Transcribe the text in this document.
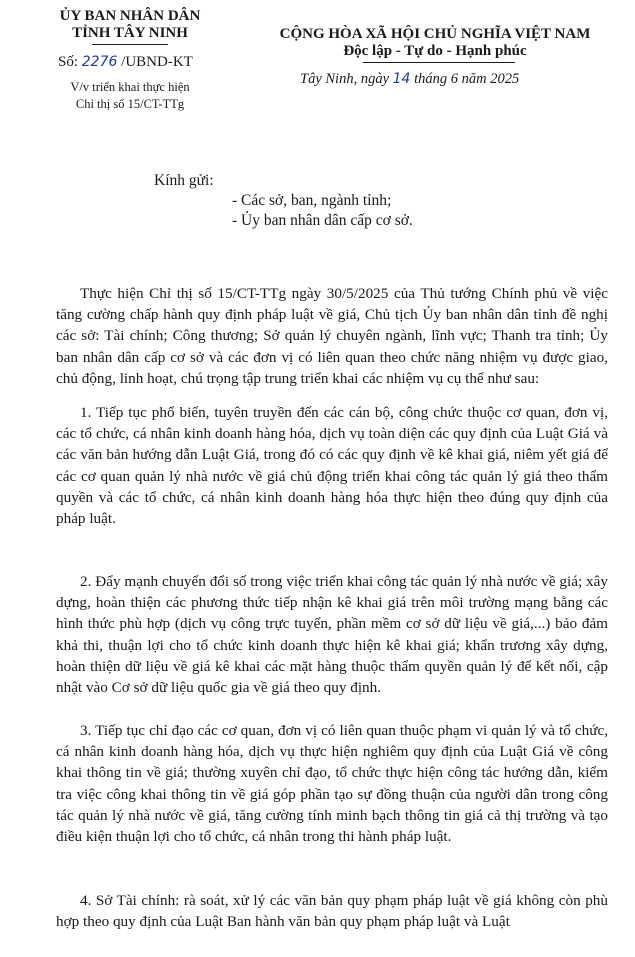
ỦY BAN NHÂN DÂN
TỈNH TÂY NINH
Số: 2276 /UBND-KT
V/v triển khai thực hiện
Chỉ thị số 15/CT-TTg
CỘNG HÒA XÃ HỘI CHỦ NGHĨA VIỆT NAM
Độc lập - Tự do - Hạnh phúc
Tây Ninh, ngày 14 tháng 6 năm 2025
Kính gửi:
- Các sở, ban, ngành tỉnh;
- Ủy ban nhân dân cấp cơ sở.

Thực hiện Chỉ thị số 15/CT-TTg ngày 30/5/2025 của Thủ tướng Chính phủ về việc tăng cường chấp hành quy định pháp luật về giá, Chủ tịch Ủy ban nhân dân tỉnh đề nghị các sở: Tài chính; Công thương; Sở quản lý chuyên ngành, lĩnh vực; Thanh tra tỉnh; Ủy ban nhân dân cấp cơ sở và các đơn vị có liên quan theo chức năng nhiệm vụ được giao, chủ động, linh hoạt, chú trọng tập trung triển khai các nhiệm vụ cụ thể như sau:

1. Tiếp tục phổ biến, tuyên truyền đến các cán bộ, công chức thuộc cơ quan, đơn vị, các tổ chức, cá nhân kinh doanh hàng hóa, dịch vụ toàn diện các quy định của Luật Giá và các văn bản hướng dẫn Luật Giá, trong đó có các quy định về kê khai giá, niêm yết giá để các cơ quan quản lý nhà nước về giá chủ động triển khai công tác quản lý giá theo thẩm quyền và các tổ chức, cá nhân kinh doanh hàng hóa thực hiện theo đúng quy định của pháp luật.

2. Đẩy mạnh chuyển đổi số trong việc triển khai công tác quản lý nhà nước về giá; xây dựng, hoàn thiện các phương thức tiếp nhận kê khai giá trên môi trường mạng bằng các hình thức phù hợp (dịch vụ công trực tuyến, phần mềm cơ sở dữ liệu về giá,...) bảo đảm khả thi, thuận lợi cho tổ chức kinh doanh thực hiện kê khai giá; khẩn trương xây dựng, hoàn thiện dữ liệu về giá kê khai các mặt hàng thuộc thẩm quyền quản lý để kết nối, cập nhật vào Cơ sở dữ liệu quốc gia về giá theo quy định.

3. Tiếp tục chỉ đạo các cơ quan, đơn vị có liên quan thuộc phạm vi quản lý và tổ chức, cá nhân kinh doanh hàng hóa, dịch vụ thực hiện nghiêm quy định của Luật Giá về công khai thông tin về giá; thường xuyên chỉ đạo, tổ chức thực hiện công tác hướng dẫn, kiểm tra việc công khai thông tin về giá góp phần tạo sự đồng thuận của người dân trong công tác quản lý nhà nước về giá, tăng cường tính minh bạch thông tin giá cả thị trường và tạo điều kiện thuận lợi cho tổ chức, cá nhân trong thi hành pháp luật.

4. Sở Tài chính: rà soát, xử lý các văn bản quy phạm pháp luật về giá không còn phù hợp theo quy định của Luật Ban hành văn bản quy phạm pháp luật và Luật
